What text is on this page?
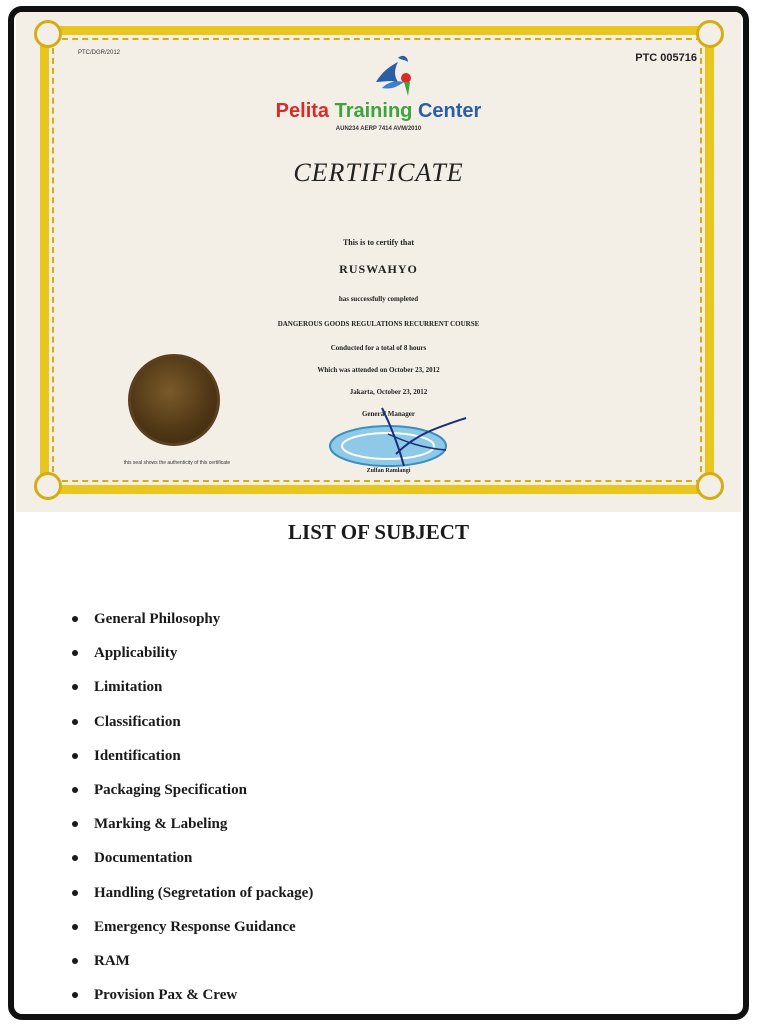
PTC/DGR/2012	PTC 005716
Pelita Training Center
AUN234 AERP 7414 AVM/2010
CERTIFICATE
This is to certify that
RUSWAHYO
has successfully completed
DANGEROUS GOODS REGULATIONS RECURRENT COURSE
Conducted for a total of 8 hours
Which was attended on October 23, 2012
Jakarta, October 23, 2012
General Manager
this seal shows the authenticity of this certificate
Zulfan Ramlangi
LIST OF SUBJECT
General Philosophy
Applicability
Limitation
Classification
Identification
Packaging Specification
Marking & Labeling
Documentation
Handling (Segretation of package)
Emergency Response Guidance
RAM
Provision Pax & Crew
